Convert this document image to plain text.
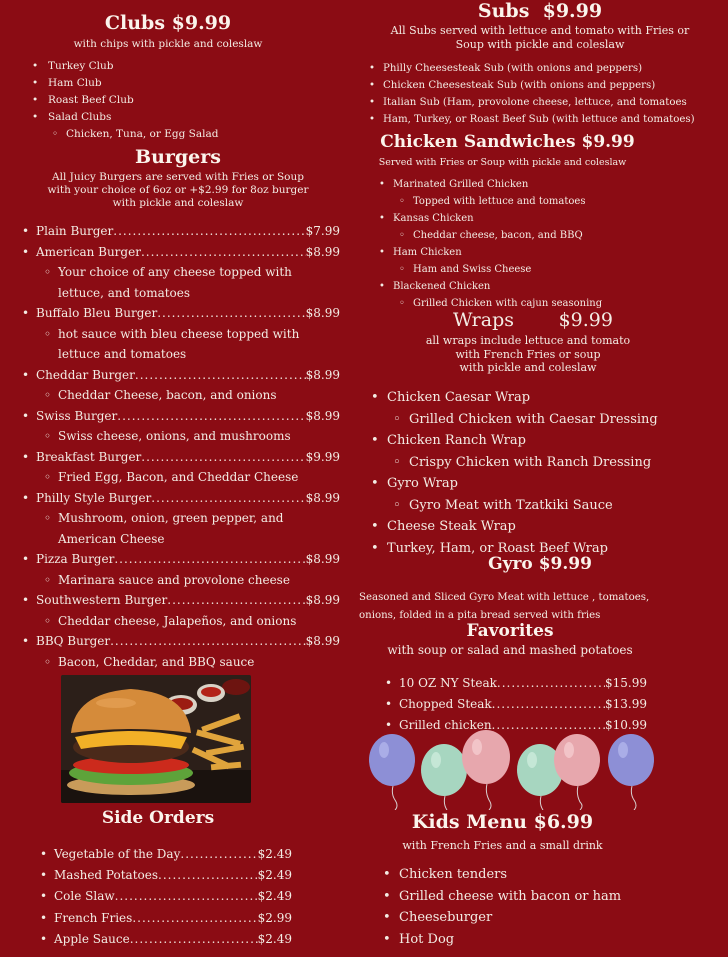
Clubs $9.99

with chips with pickle and coleslaw

• Turkey Club
• Ham Club
• Roast Beef Club
• Salad Clubs
◦ Chicken, Tuna, or Egg Salad
Burgers

All Juicy Burgers are served with Fries or Soup
with your choice of 6oz or +$2.99 for 8oz burger
with pickle and coleslaw

• Plain Burger .....	$7.99
• American Burger .....	$8.99
◦ Your choice of any cheese topped with
lettuce, and tomatoes
• Buffalo Bleu Burger .....	$8.99
◦ hot sauce with bleu cheese topped with
lettuce and tomatoes
• Cheddar Burger .....	$8.99
◦ Cheddar Cheese, bacon, and onions
• Swiss Burger .....	$8.99
◦ Swiss cheese, onions, and mushrooms
• Breakfast Burger .....	$9.99
◦ Fried Egg, Bacon, and Cheddar Cheese
• Philly Style Burger .....	$8.99
◦ Mushroom, onion, green pepper, and
American Cheese
• Pizza Burger .....	$8.99
◦ Marinara sauce and provolone cheese
• Southwestern Burger .....	$8.99
◦ Cheddar cheese, Jalapeños, and onions
• BBQ Burger .....	$8.99
◦ Bacon, Cheddar, and BBQ sauce
Side Orders
• Vegetable of the Day .....	$2.49
• Mashed Potatoes .....	$2.49
• Cole Slaw .....	$2.49
• French Fries .....	$2.99
• Apple Sauce .....	$2.49
Subs  $9.99

All Subs served with lettuce and tomato with Fries or
Soup with pickle and coleslaw

• Philly Cheesesteak Sub (with onions and peppers)
• Chicken Cheesesteak Sub (with onions and peppers)
• Italian Sub (Ham, provolone cheese, lettuce, and tomatoes
• Ham, Turkey, or Roast Beef Sub (with lettuce and tomatoes)
Chicken Sandwiches $9.99

Served with Fries or Soup with pickle and coleslaw

• Marinated Grilled Chicken
◦ Topped with lettuce and tomatoes
• Kansas Chicken
◦ Cheddar cheese, bacon, and BBQ
• Ham Chicken
◦ Ham and Swiss Cheese
• Blackened Chicken
◦ Grilled Chicken with cajun seasoning
Wraps $9.99

all wraps include lettuce and tomato
with French Fries or soup
with pickle and coleslaw

• Chicken Caesar Wrap
◦ Grilled Chicken with Caesar Dressing
• Chicken Ranch Wrap
◦ Crispy Chicken with Ranch Dressing
• Gyro Wrap
◦ Gyro Meat with Tzatkiki Sauce
• Cheese Steak Wrap
• Turkey, Ham, or Roast Beef Wrap
Gyro $9.99

Seasoned and Sliced Gyro Meat with lettuce , tomatoes,
onions, folded in a pita bread served with fries

Favorites

with soup or salad and mashed potatoes

• 10 OZ NY Steak .....	$15.99
• Chopped Steak .....	$13.99
• Grilled chicken .....	$10.99
Kids Menu $6.99

with French Fries and a small drink

• Chicken tenders
• Grilled cheese with bacon or ham
• Cheeseburger
• Hot Dog
